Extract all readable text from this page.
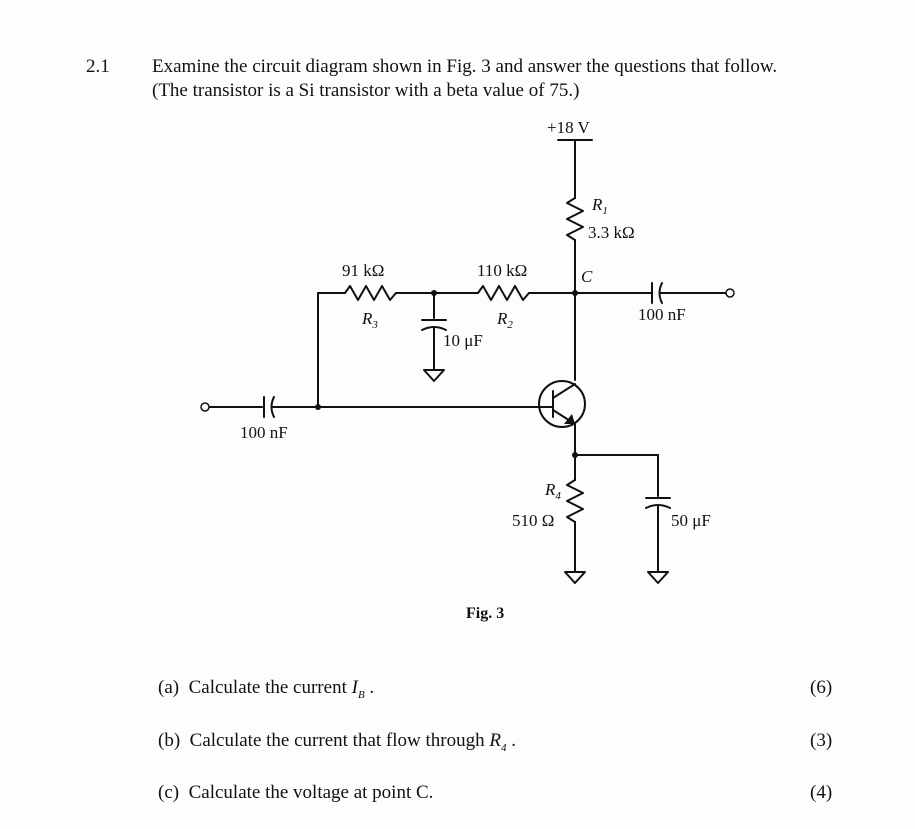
2.1 Examine the circuit diagram shown in Fig. 3 and answer the questions that follow.
(The transistor is a Si transistor with a beta value of 75.)
+18 V
$R_1$
3.3 kΩ
91 kΩ	110 kΩ	C
$R_3$	$R_2$
10 μF
100 nF
100 nF
$R_4$
510 Ω	50 μF
Fig. 3
(a) Calculate the current $I_B$ .	(6)
(b) Calculate the current that flow through $R_4$ .	(3)
(c) Calculate the voltage at point C.	(4)
